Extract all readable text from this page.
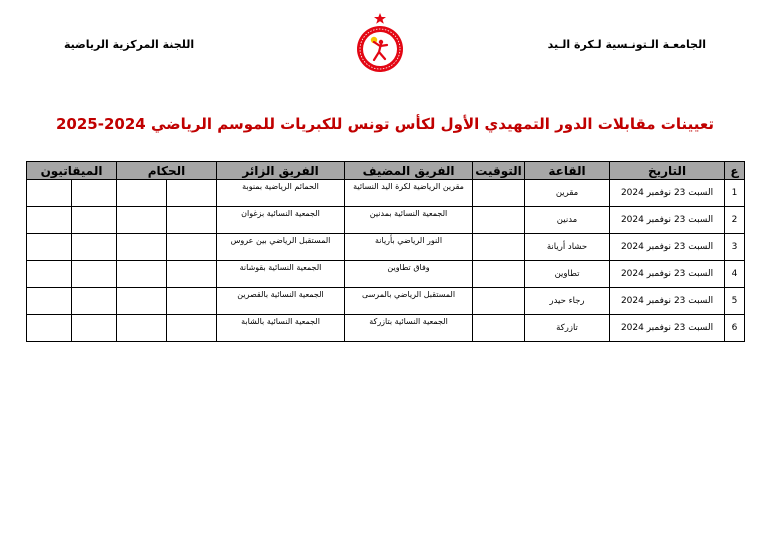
الجامعـة الـتونـسية لـكرة الـيد
اللجنة المركزية الرياضية
تعيينات مقابلات الدور التمهيدي الأول لكأس تونس للكبريات للموسم الرياضي 2024-2025
ع	التاريخ	القاعة	التوقيت	الفريق المضيف	الفريق الزائر	الحكام		الميقاتيون	
1	السبت 23 نوفمبر 2024	مقرين		مقرين الرياضية لكرة اليد النسائية	الحمائم الرياضية بمنوبة				
2	السبت 23 نوفمبر 2024	مدنين		الجمعية النسائية بمدنين	الجمعية النسائية بزغوان				
3	السبت 23 نوفمبر 2024	حشاد أريانة		النور الرياضي بأريانة	المستقبل الرياضي بين عروس				
4	السبت 23 نوفمبر 2024	تطاوين		وفاق تطاوين	الجمعية النسائية بقوشانة				
5	السبت 23 نوفمبر 2024	رجاء حيدر		المستقبل الرياضي بالمرسى	الجمعية النسائية بالقصرين				
6	السبت 23 نوفمبر 2024	تازركة		الجمعية النسائية بتازركة	الجمعية النسائية بالشابة				
